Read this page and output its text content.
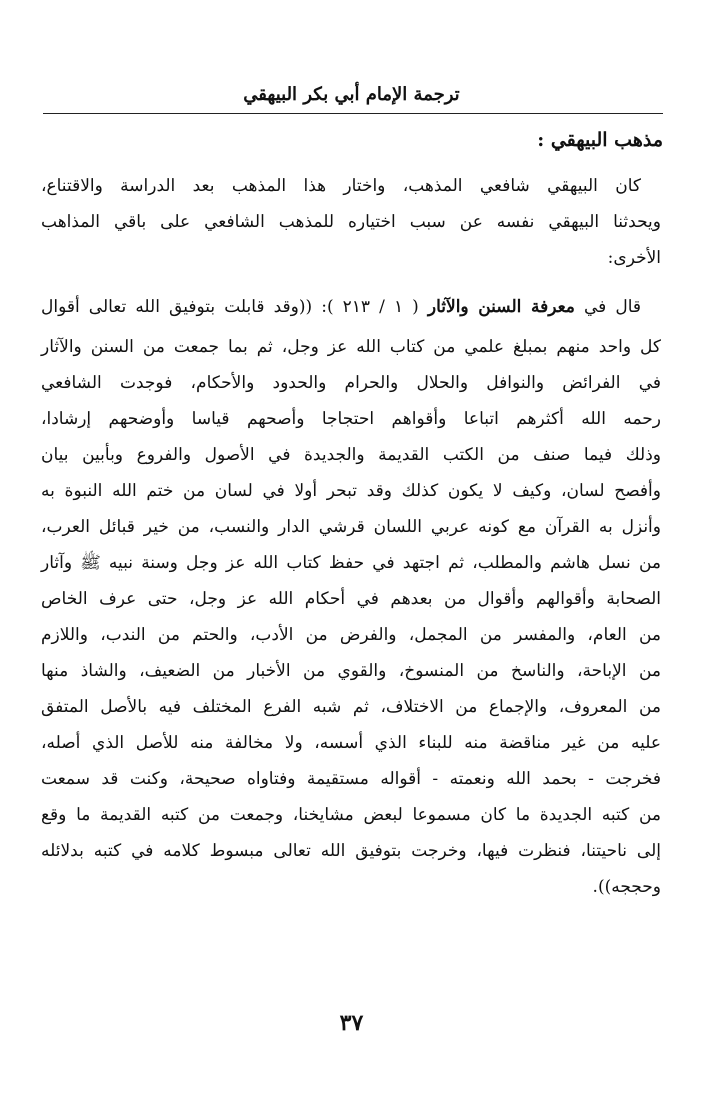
ترجمة الإمام أبي بكر البيهقي
مذهب البيهقي :
كان البيهقي شافعي المذهب، واختار هذا المذهب بعد الدراسة والاقتناع،
ويحدثنا البيهقي نفسه عن سبب اختياره للمذهب الشافعي على باقي المذاهب
الأخرى:
قال في معرفة السنن والآثار ( ١ / ٢١٣ ): ((وقد قابلت بتوفيق الله تعالى أقوال
كل واحد منهم بمبلغ علمي من كتاب الله عز وجل، ثم بما جمعت من السنن والآثار
في الفرائض والنوافل والحلال والحرام والحدود والأحكام، فوجدت الشافعي
رحمه الله أكثرهم اتباعا وأقواهم احتجاجا وأصحهم قياسا وأوضحهم إرشادا،
وذلك فيما صنف من الكتب القديمة والجديدة في الأصول والفروع وبأبين بيان
وأفصح لسان، وكيف لا يكون كذلك وقد تبحر أولا في لسان من ختم الله النبوة به
وأنزل به القرآن مع كونه عربي اللسان قرشي الدار والنسب، من خير قبائل العرب،
من نسل هاشم والمطلب، ثم اجتهد في حفظ كتاب الله عز وجل وسنة نبيه ﷺ وآثار
الصحابة وأقوالهم وأقوال من بعدهم في أحكام الله عز وجل، حتى عرف الخاص
من العام، والمفسر من المجمل، والفرض من الأدب، والحتم من الندب، واللازم
من الإباحة، والناسخ من المنسوخ، والقوي من الأخبار من الضعيف، والشاذ منها
من المعروف، والإجماع من الاختلاف، ثم شبه الفرع المختلف فيه بالأصل المتفق
عليه من غير مناقضة منه للبناء الذي أسسه، ولا مخالفة منه للأصل الذي أصله،
فخرجت - بحمد الله ونعمته - أقواله مستقيمة وفتاواه صحيحة، وكنت قد سمعت
من كتبه الجديدة ما كان مسموعا لبعض مشايخنا، وجمعت من كتبه القديمة ما وقع
إلى ناحيتنا، فنظرت فيها، وخرجت بتوفيق الله تعالى مبسوط كلامه في كتبه بدلائله
وحججه)).
٣٧
